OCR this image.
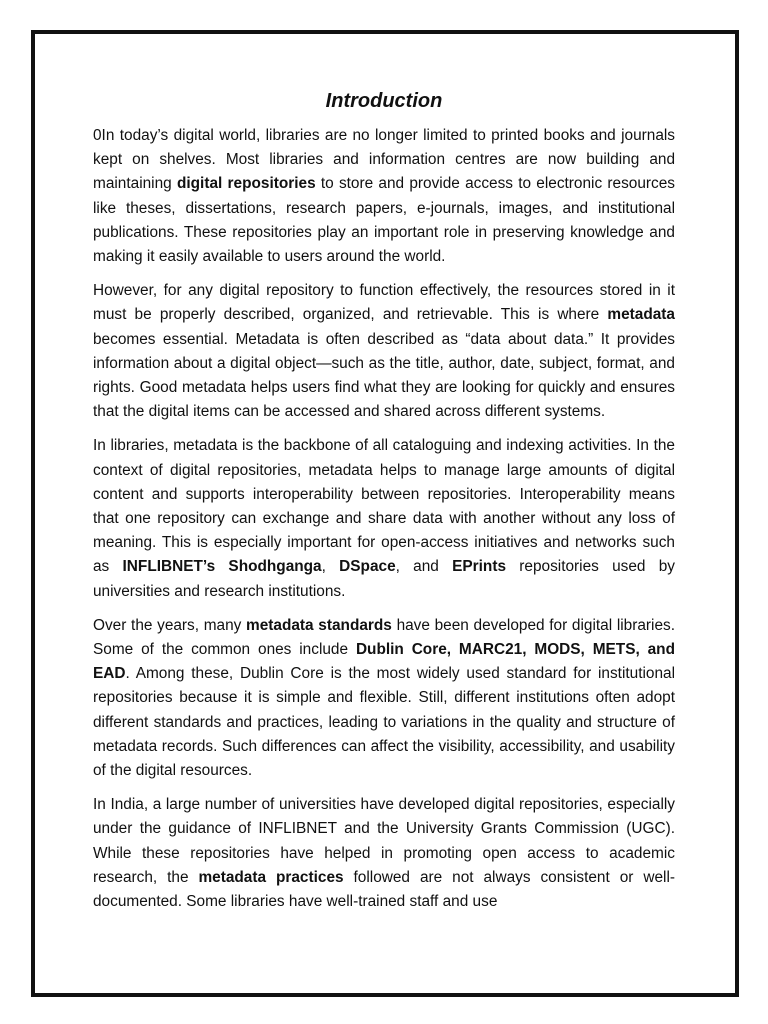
Introduction

0In today’s digital world, libraries are no longer limited to printed books and journals kept on shelves. Most libraries and information centres are now building and maintaining digital repositories to store and provide access to electronic resources like theses, dissertations, research papers, e-journals, images, and institutional publications. These repositories play an important role in preserving knowledge and making it easily available to users around the world.

However, for any digital repository to function effectively, the resources stored in it must be properly described, organized, and retrievable. This is where metadata becomes essential. Metadata is often described as “data about data.” It provides information about a digital object—such as the title, author, date, subject, format, and rights. Good metadata helps users find what they are looking for quickly and ensures that the digital items can be accessed and shared across different systems.

In libraries, metadata is the backbone of all cataloguing and indexing activities. In the context of digital repositories, metadata helps to manage large amounts of digital content and supports interoperability between repositories. Interoperability means that one repository can exchange and share data with another without any loss of meaning. This is especially important for open-access initiatives and networks such as INFLIBNET’s Shodhganga, DSpace, and EPrints repositories used by universities and research institutions.

Over the years, many metadata standards have been developed for digital libraries. Some of the common ones include Dublin Core, MARC21, MODS, METS, and EAD. Among these, Dublin Core is the most widely used standard for institutional repositories because it is simple and flexible. Still, different institutions often adopt different standards and practices, leading to variations in the quality and structure of metadata records. Such differences can affect the visibility, accessibility, and usability of the digital resources.

In India, a large number of universities have developed digital repositories, especially under the guidance of INFLIBNET and the University Grants Commission (UGC). While these repositories have helped in promoting open access to academic research, the metadata practices followed are not always consistent or well-documented. Some libraries have well-trained staff and use
